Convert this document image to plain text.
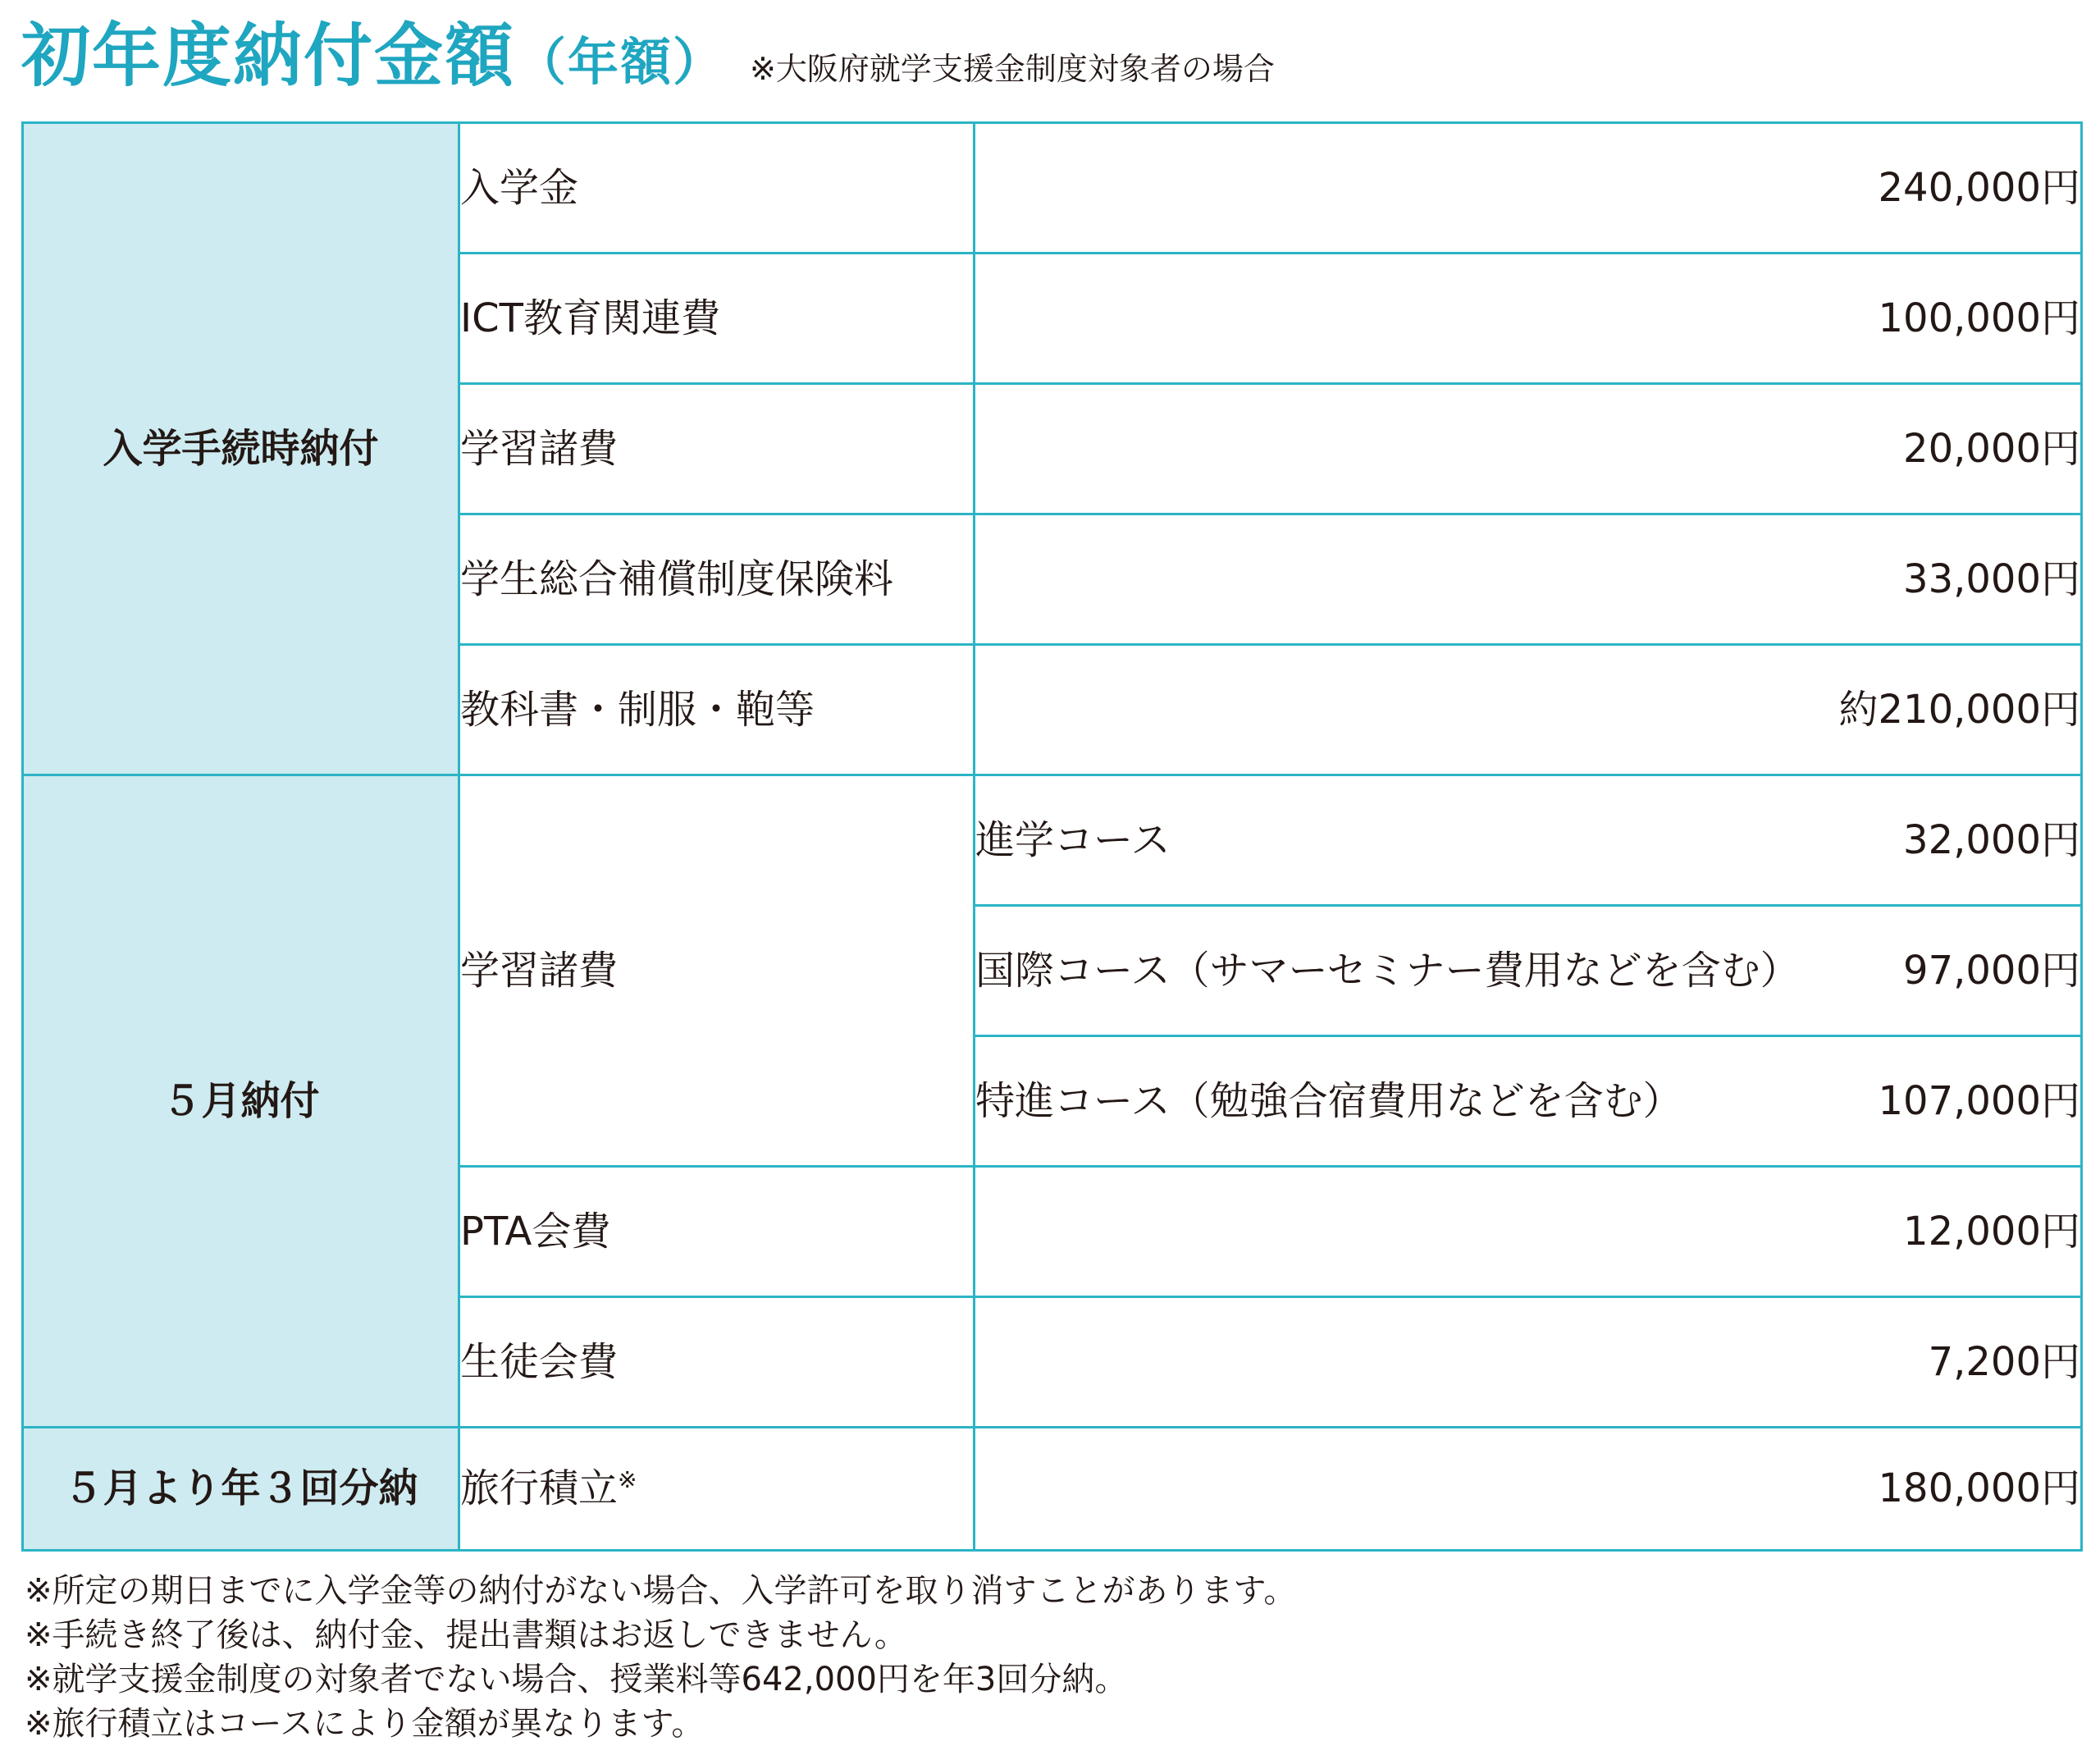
初年度納付金額（年額） ※大阪府就学支援金制度対象者の場合
入学手続時納付	入学金	240,000円
	ICT教育関連費	100,000円
	学習諸費	20,000円
	学生総合補償制度保険料	33,000円
	教科書・制服・鞄等	約210,000円
５月納付	学習諸費	進学コース 32,000円

		国際コース（サマーセミナー費用などを含む） 97,000円

		特進コース（勉強合宿費用などを含む） 107,000円

	PTA会費	12,000円
	生徒会費	7,200円
５月より年３回分納	旅行積立※	180,000円
※所定の期日までに入学金等の納付がない場合、入学許可を取り消すことがあります。
※手続き終了後は、納付金、提出書類はお返しできません。
※就学支援金制度の対象者でない場合、授業料等642,000円を年3回分納。
※旅行積立はコースにより金額が異なります。
